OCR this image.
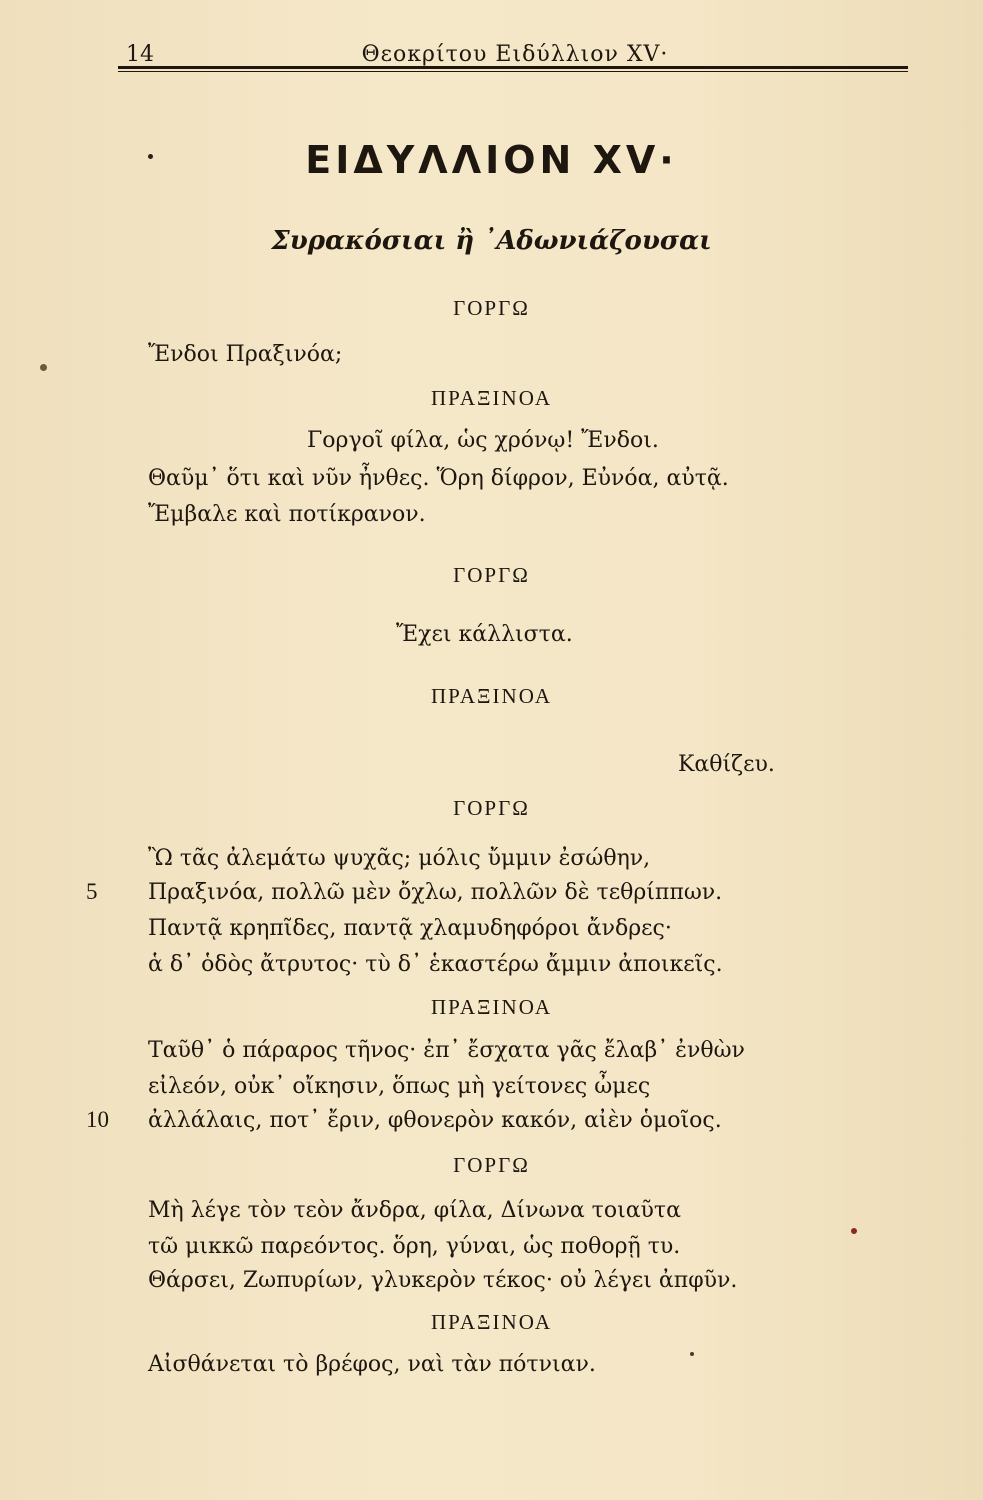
14	Θεοκρίτου Ειδύλλιον ΧV·
ΕΙΔΥΛΛΙΟΝ XV·
Συρακόσιαι ἢ ᾿Αδωνιάζουσαι
ΓΟΡΓΩ
Ἔνδοι Πραξινόα;
ΠΡΑΞΙΝΟΑ
Γοργοῖ φίλα, ὡς χρόνῳ! Ἔνδοι.
Θαῦμ᾽ ὅτι καὶ νῦν ἦνθες. Ὅρη δίφρον, Εὐνόα, αὐτᾷ.
Ἔμβαλε καὶ ποτίκρανον.
ΓΟΡΓΩ
Ἔχει κάλλιστα.
ΠΡΑΞΙΝΟΑ
Καθίζευ.
ΓΟΡΓΩ
Ὢ τᾶς ἀλεμάτω ψυχᾶς; μόλις ὔμμιν ἐσώθην,
5 Πραξινόα, πολλῶ μὲν ὄχλω, πολλῶν δὲ τεθρίππων.
Παντᾷ κρηπῖδες, παντᾷ χλαμυδηφόροι ἄνδρες·
ἁ δ᾽ ὁδὸς ἄτρυτος· τὺ δ᾽ ἑκαστέρω ἄμμιν ἀποικεῖς.
ΠΡΑΞΙΝΟΑ
Ταῦθ᾽ ὁ πάραρος τῆνος· ἐπ᾽ ἔσχατα γᾶς ἔλαβ᾽ ἐνθὼν
εἰλεόν, οὐκ᾽ οἴκησιν, ὅπως μὴ γείτονες ὦμες
10 ἀλλάλαις, ποτ᾽ ἔριν, φθονερὸν κακόν, αἰὲν ὁμοῖος.
ΓΟΡΓΩ
Μὴ λέγε τὸν τεὸν ἄνδρα, φίλα, Δίνωνα τοιαῦτα
τῶ μικκῶ παρεόντος. ὅρη, γύναι, ὡς ποθορῇ τυ.
Θάρσει, Ζωπυρίων, γλυκερὸν τέκος· οὐ λέγει ἀπφῦν.
ΠΡΑΞΙΝΟΑ
Αἰσθάνεται τὸ βρέφος, ναὶ τὰν πότνιαν.
